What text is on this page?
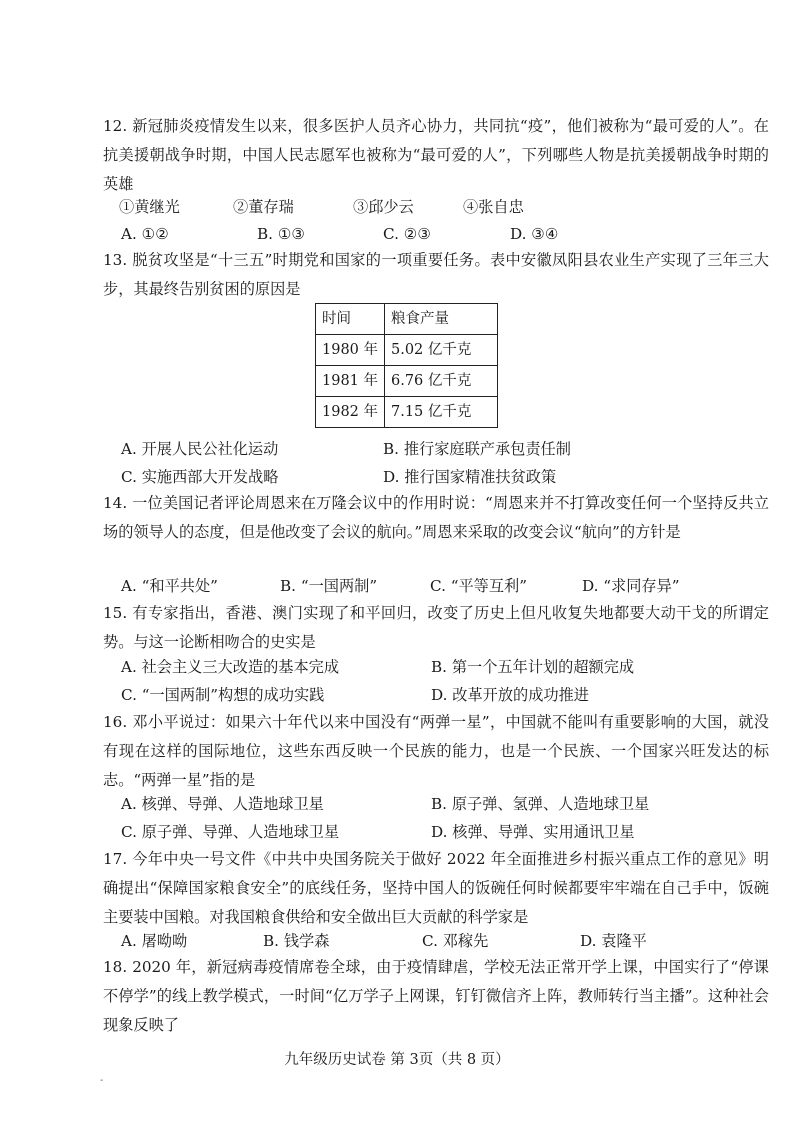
12. 新冠肺炎疫情发生以来，很多医护人员齐心协力，共同抗“疫”，他们被称为“最可爱的人”。在抗美援朝战争时期，中国人民志愿军也被称为“最可爱的人”，下列哪些人物是抗美援朝战争时期的英雄
①黄继光	②董存瑞	③邱少云	④张自忠
A. ①②	B. ①③	C. ②③	D. ③④
13. 脱贫攻坚是“十三五”时期党和国家的一项重要任务。表中安徽凤阳县农业生产实现了三年三大步，其最终告别贫困的原因是
时间	粮食产量
1980 年	5.02 亿千克
1981 年	6.76 亿千克
1982 年	7.15 亿千克
A. 开展人民公社化运动	B. 推行家庭联产承包责任制
C. 实施西部大开发战略	D. 推行国家精准扶贫政策
14. 一位美国记者评论周恩来在万隆会议中的作用时说：“周恩来并不打算改变任何一个坚持反共立场的领导人的态度，但是他改变了会议的航向。”周恩来采取的改变会议“航向”的方针是
A. “和平共处”	B. “一国两制”	C. “平等互利”	D. “求同存异”
15. 有专家指出，香港、澳门实现了和平回归，改变了历史上但凡收复失地都要大动干戈的所谓定势。与这一论断相吻合的史实是
A. 社会主义三大改造的基本完成	B. 第一个五年计划的超额完成
C. “一国两制”构想的成功实践	D. 改革开放的成功推进
16. 邓小平说过：如果六十年代以来中国没有“两弹一星”，中国就不能叫有重要影响的大国，就没有现在这样的国际地位，这些东西反映一个民族的能力，也是一个民族、一个国家兴旺发达的标志。“两弹一星”指的是
A. 核弹、导弹、人造地球卫星	B. 原子弹、氢弹、人造地球卫星
C. 原子弹、导弹、人造地球卫星	D. 核弹、导弹、实用通讯卫星
17. 今年中央一号文件《中共中央国务院关于做好 2022 年全面推进乡村振兴重点工作的意见》明确提出“保障国家粮食安全”的底线任务，坚持中国人的饭碗任何时候都要牢牢端在自己手中，饭碗主要装中国粮。对我国粮食供给和安全做出巨大贡献的科学家是
A. 屠呦呦	B. 钱学森	C. 邓稼先	D. 袁隆平
18. 2020 年，新冠病毒疫情席卷全球，由于疫情肆虐，学校无法正常开学上课，中国实行了“停课不停学”的线上教学模式，一时间“亿万学子上网课，钉钉微信齐上阵，教师转行当主播”。这种社会现象反映了
九年级历史试卷 第 3页（共 8 页）
-
